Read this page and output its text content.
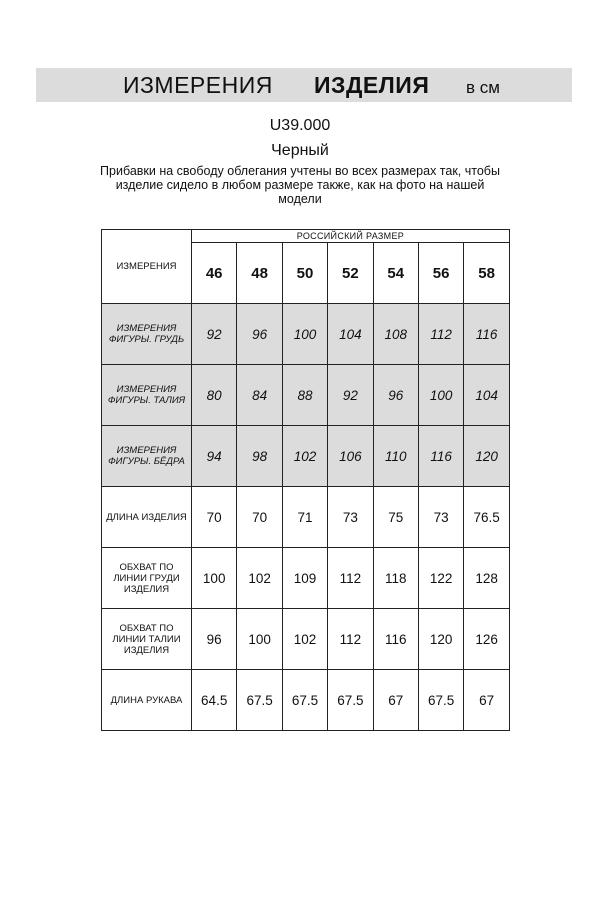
ИЗМЕРЕНИЯ ИЗДЕЛИЯ в см
U39.000
Черный
Прибавки на свободу облегания учтены во всех размерах так, чтобы изделие сидело в любом размере также, как на фото на нашей модели
ИЗМЕРЕНИЯ	РОССИЙСКИЙ РАЗМЕР						
	46	48	50	52	54	56	58
ИЗМЕРЕНИЯ ФИГУРЫ. ГРУДЬ	92	96	100	104	108	112	116
ИЗМЕРЕНИЯ ФИГУРЫ. ТАЛИЯ	80	84	88	92	96	100	104
ИЗМЕРЕНИЯ ФИГУРЫ. БЁДРА	94	98	102	106	110	116	120
ДЛИНА ИЗДЕЛИЯ	70	70	71	73	75	73	76.5
ОБХВАТ ПО ЛИНИИ ГРУДИ ИЗДЕЛИЯ	100	102	109	112	118	122	128
ОБХВАТ ПО ЛИНИИ ТАЛИИ ИЗДЕЛИЯ	96	100	102	112	116	120	126
ДЛИНА РУКАВА	64.5	67.5	67.5	67.5	67	67.5	67
